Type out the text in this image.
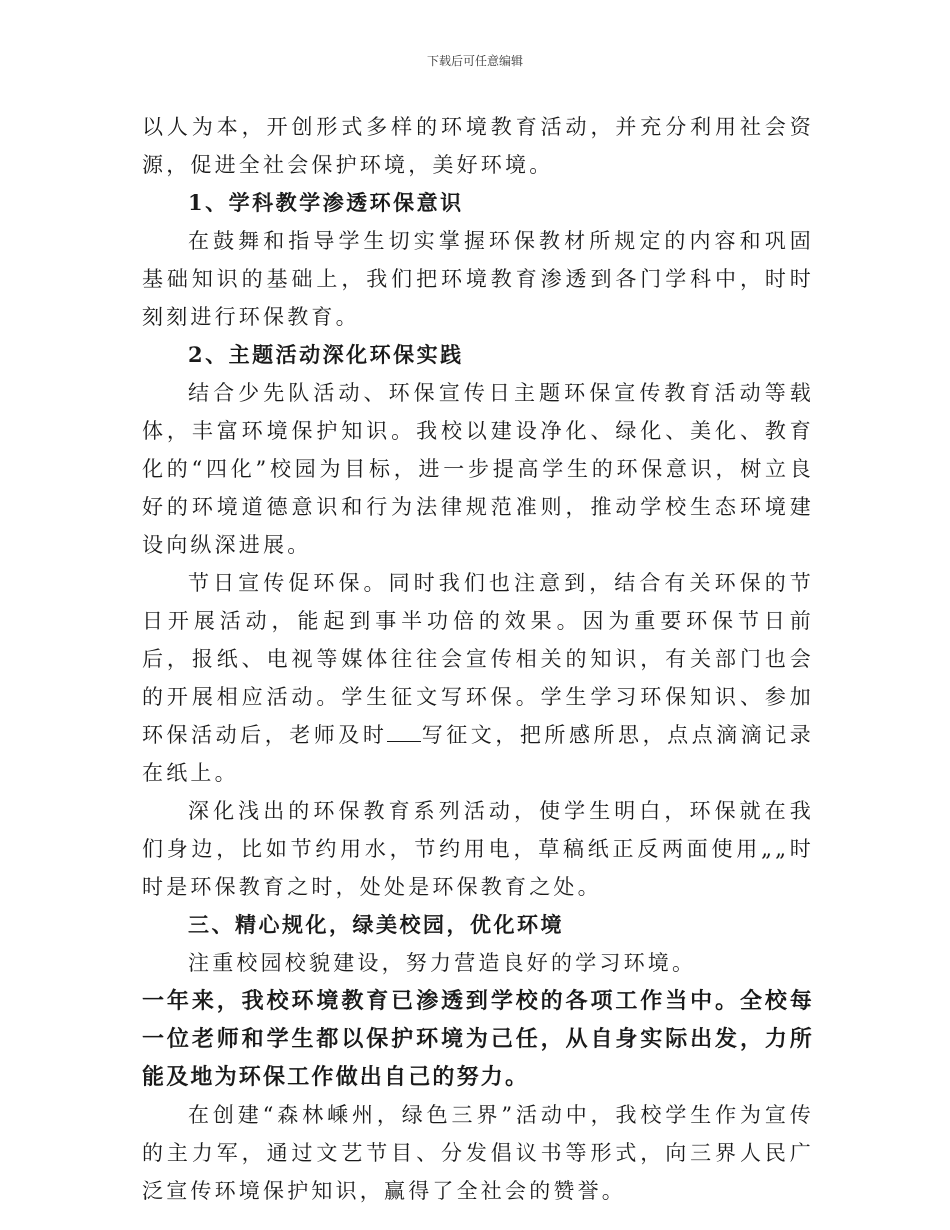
下载后可任意编辑

以人为本，开创形式多样的环境教育活动，并充分利用社会资源，促进全社会保护环境，美好环境。

1、学科教学渗透环保意识

在鼓舞和指导学生切实掌握环保教材所规定的内容和巩固基础知识的基础上，我们把环境教育渗透到各门学科中，时时刻刻进行环保教育。

2、主题活动深化环保实践

结合少先队活动、环保宣传日主题环保宣传教育活动等载体，丰富环境保护知识。我校以建设净化、绿化、美化、教育化的“四化”校园为目标，进一步提高学生的环保意识，树立良好的环境道德意识和行为法律规范准则，推动学校生态环境建设向纵深进展。

节日宣传促环保。同时我们也注意到，结合有关环保的节日开展活动，能起到事半功倍的效果。因为重要环保节日前后，报纸、电视等媒体往往会宣传相关的知识，有关部门也会的开展相应活动。学生征文写环保。学生学习环保知识、参加环保活动后，老师及时 写征文，把所感所思，点点滴滴记录在纸上。

深化浅出的环保教育系列活动，使学生明白，环保就在我们身边，比如节约用水，节约用电，草稿纸正反两面使用„„时时是环保教育之时，处处是环保教育之处。

三、精心规化，绿美校园，优化环境

注重校园校貌建设，努力营造良好的学习环境。

一年来，我校环境教育已渗透到学校的各项工作当中。全校每一位老师和学生都以保护环境为己任，从自身实际出发，力所能及地为环保工作做出自己的努力。

在创建“森林嵊州，绿色三界”活动中，我校学生作为宣传的主力军，通过文艺节目、分发倡议书等形式，向三界人民广泛宣传环境保护知识，赢得了全社会的赞誉。
